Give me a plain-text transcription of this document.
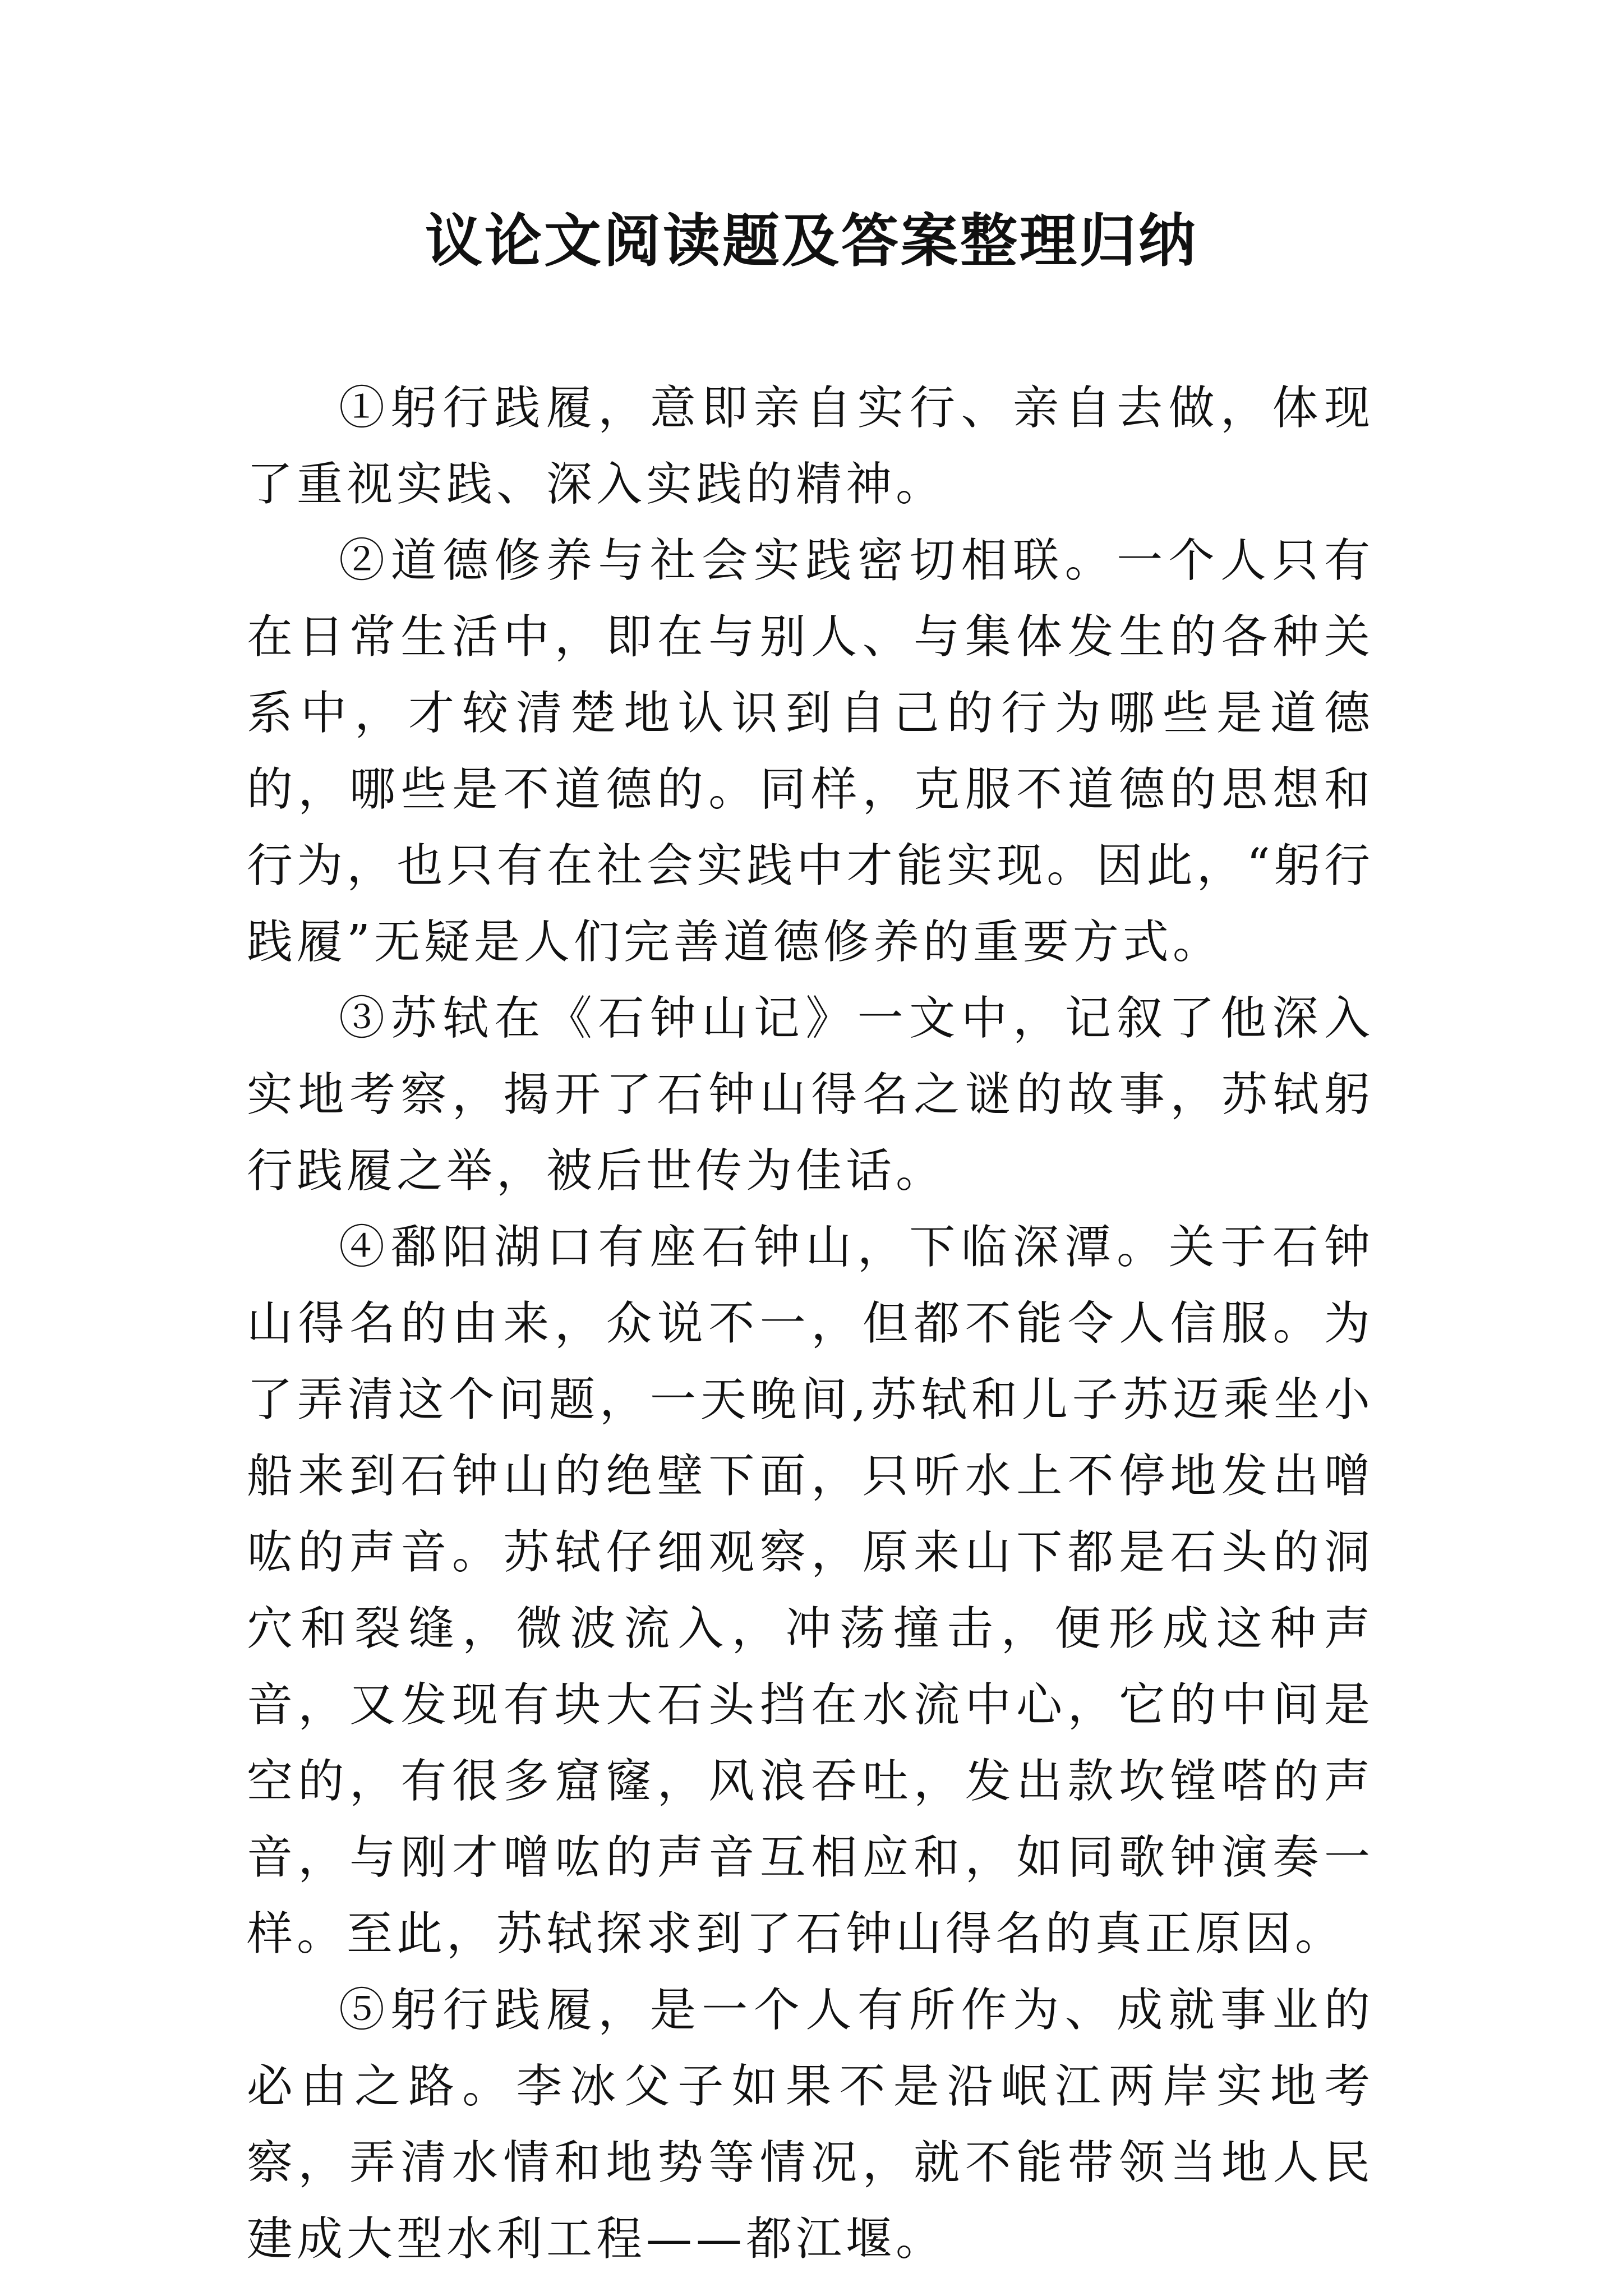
议论文阅读题及答案整理归纳

①躬行践履，意即亲自实行、亲自去做，体现了重视实践、深入实践的精神。

②道德修养与社会实践密切相联。一个人只有在日常生活中，即在与别人、与集体发生的各种关系中，才较清楚地认识到自己的行为哪些是道德的，哪些是不道德的。同样，克服不道德的思想和行为，也只有在社会实践中才能实现。因此，“躬行践履”无疑是人们完善道德修养的重要方式。

③苏轼在《石钟山记》一文中，记叙了他深入实地考察，揭开了石钟山得名之谜的故事，苏轼躬行践履之举，被后世传为佳话。

④鄱阳湖口有座石钟山，下临深潭。关于石钟山得名的由来，众说不一，但都不能令人信服。为了弄清这个问题，一天晚间,苏轼和儿子苏迈乘坐小船来到石钟山的绝壁下面，只听水上不停地发出噌吰的声音。苏轼仔细观察，原来山下都是石头的洞穴和裂缝，微波流入，冲荡撞击，便形成这种声音，又发现有块大石头挡在水流中心，它的中间是空的，有很多窟窿，风浪吞吐，发出款坎镗嗒的声音，与刚才噌吰的声音互相应和，如同歌钟演奏一样。至此，苏轼探求到了石钟山得名的真正原因。

⑤躬行践履，是一个人有所作为、成就事业的必由之路。李冰父子如果不是沿岷江两岸实地考察，弄清水情和地势等情况，就不能带领当地人民建成大型水利工程——都江堰。
